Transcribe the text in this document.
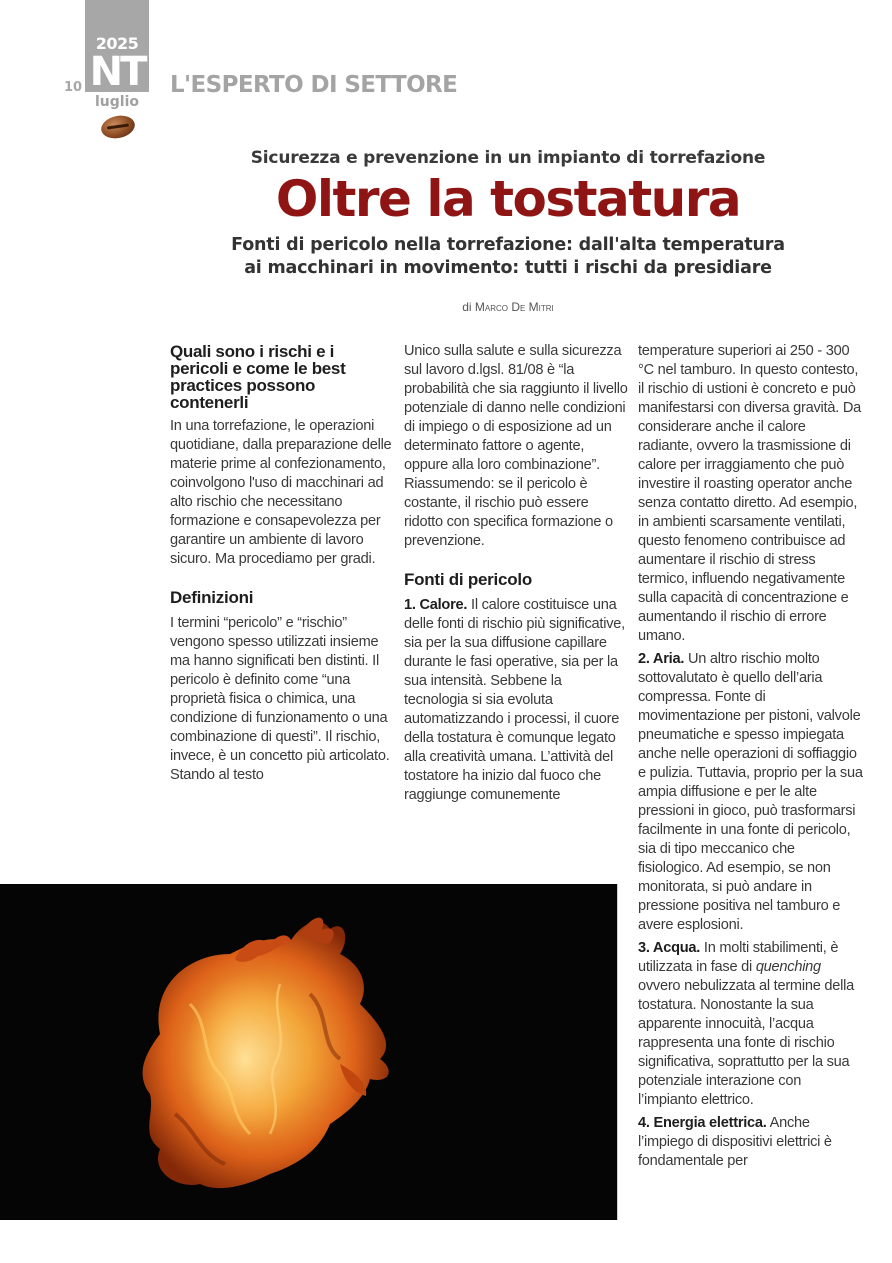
2025
NT
10
luglio
L'ESPERTO DI SETTORE
Sicurezza e prevenzione in un impianto di torrefazione
Oltre la tostatura
Fonti di pericolo nella torrefazione: dall'alta temperatura
ai macchinari in movimento: tutti i rischi da presidiare
di Marco De Mitri
Quali sono i rischi e i pericoli e come le best practices possono contenerli

In una torrefazione, le operazioni quotidiane, dalla preparazione delle materie prime al confezionamento, coinvolgono l'uso di macchinari ad alto rischio che necessitano formazione e consapevolezza per garantire un ambiente di lavoro sicuro. Ma procediamo per gradi.

Definizioni

I termini “pericolo” e “rischio” vengono spesso utilizzati insieme ma hanno significati ben distinti. Il pericolo è definito come “una proprietà fisica o chimica, una condizione di funzionamento o una combinazione di questi”. Il rischio, invece, è un concetto più articolato. Stando al testo

Unico sulla salute e sulla sicurezza sul lavoro d.lgsl. 81/08 è “la probabilità che sia raggiunto il livello potenziale di danno nelle condizioni di impiego o di esposizione ad un determinato fattore o agente, oppure alla loro combinazione”. Riassumendo: se il pericolo è costante, il rischio può essere ridotto con specifica formazione o prevenzione.

Fonti di pericolo

1. Calore. Il calore costituisce una delle fonti di rischio più significative, sia per la sua diffusione capillare durante le fasi operative, sia per la sua intensità. Sebbene la tecnologia si sia evoluta automatizzando i processi, il cuore della tostatura è comunque legato alla creatività umana. L’attività del tostatore ha inizio dal fuoco che raggiunge comunemente

temperature superiori ai 250 - 300 °C nel tamburo. In questo contesto, il rischio di ustioni è concreto e può manifestarsi con diversa gravità. Da considerare anche il calore radiante, ovvero la trasmissione di calore per irraggiamento che può investire il roasting operator anche senza contatto diretto. Ad esempio, in ambienti scarsamente ventilati, questo fenomeno contribuisce ad aumentare il rischio di stress termico, influendo negativamente sulla capacità di concentrazione e aumentando il rischio di errore umano.

2. Aria. Un altro rischio molto sottovalutato è quello dell’aria compressa. Fonte di movimentazione per pistoni, valvole pneumatiche e spesso impiegata anche nelle operazioni di soffiaggio e pulizia. Tuttavia, proprio per la sua ampia diffusione e per le alte pressioni in gioco, può trasformarsi facilmente in una fonte di pericolo, sia di tipo meccanico che fisiologico. Ad esempio, se non monitorata, si può andare in pressione positiva nel tamburo e avere esplosioni.

3. Acqua. In molti stabilimenti, è utilizzata in fase di quenching ovvero nebulizzata al termine della tostatura. Nonostante la sua apparente innocuità, l’acqua rappresenta una fonte di rischio significativa, soprattutto per la sua potenziale interazione con l’impianto elettrico.

4. Energia elettrica. Anche l’impiego di dispositivi elettrici è fondamentale per
